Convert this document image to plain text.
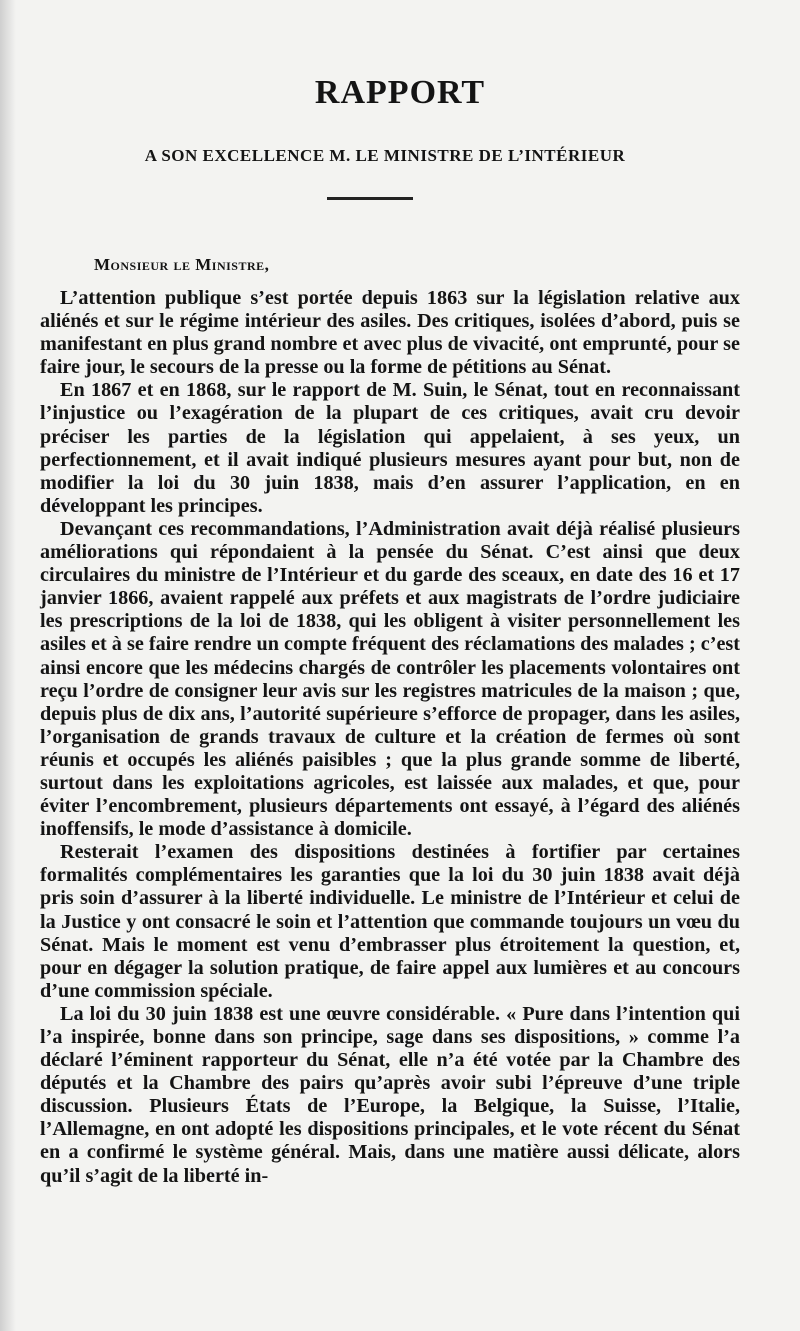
RAPPORT
A SON EXCELLENCE M. LE MINISTRE DE L’INTÉRIEUR

Monsieur le Ministre,

L’attention publique s’est portée depuis 1863 sur la législation relative aux aliénés et sur le régime intérieur des asiles. Des critiques, isolées d’abord, puis se manifestant en plus grand nombre et avec plus de vivacité, ont emprunté, pour se faire jour, le secours de la presse ou la forme de pétitions au Sénat.

En 1867 et en 1868, sur le rapport de M. Suin, le Sénat, tout en reconnaissant l’injustice ou l’exagération de la plupart de ces critiques, avait cru devoir préciser les parties de la législation qui appelaient, à ses yeux, un perfectionnement, et il avait indiqué plusieurs mesures ayant pour but, non de modifier la loi du 30 juin 1838, mais d’en assurer l’application, en en développant les principes.

Devançant ces recommandations, l’Administration avait déjà réalisé plusieurs améliorations qui répondaient à la pensée du Sénat. C’est ainsi que deux circulaires du ministre de l’Intérieur et du garde des sceaux, en date des 16 et 17 janvier 1866, avaient rappelé aux préfets et aux magistrats de l’ordre judiciaire les prescriptions de la loi de 1838, qui les obligent à visiter personnellement les asiles et à se faire rendre un compte fréquent des réclamations des malades ; c’est ainsi encore que les médecins chargés de contrôler les placements volontaires ont reçu l’ordre de consigner leur avis sur les registres matricules de la maison ; que, depuis plus de dix ans, l’autorité supérieure s’efforce de propager, dans les asiles, l’organisation de grands travaux de culture et la création de fermes où sont réunis et occupés les aliénés paisibles ; que la plus grande somme de liberté, surtout dans les exploitations agricoles, est laissée aux malades, et que, pour éviter l’encombrement, plusieurs départements ont essayé, à l’égard des aliénés inoffensifs, le mode d’assistance à domicile.

Resterait l’examen des dispositions destinées à fortifier par certaines formalités complémentaires les garanties que la loi du 30 juin 1838 avait déjà pris soin d’assurer à la liberté individuelle. Le ministre de l’Intérieur et celui de la Justice y ont consacré le soin et l’attention que commande toujours un vœu du Sénat. Mais le moment est venu d’embrasser plus étroitement la question, et, pour en dégager la solution pratique, de faire appel aux lumières et au concours d’une commission spéciale.

La loi du 30 juin 1838 est une œuvre considérable. « Pure dans l’intention qui l’a inspirée, bonne dans son principe, sage dans ses dispositions, » comme l’a déclaré l’éminent rapporteur du Sénat, elle n’a été votée par la Chambre des députés et la Chambre des pairs qu’après avoir subi l’épreuve d’une triple discussion. Plusieurs États de l’Europe, la Belgique, la Suisse, l’Italie, l’Allemagne, en ont adopté les dispositions principales, et le vote récent du Sénat en a confirmé le système général. Mais, dans une matière aussi délicate, alors qu’il s’agit de la liberté in-
